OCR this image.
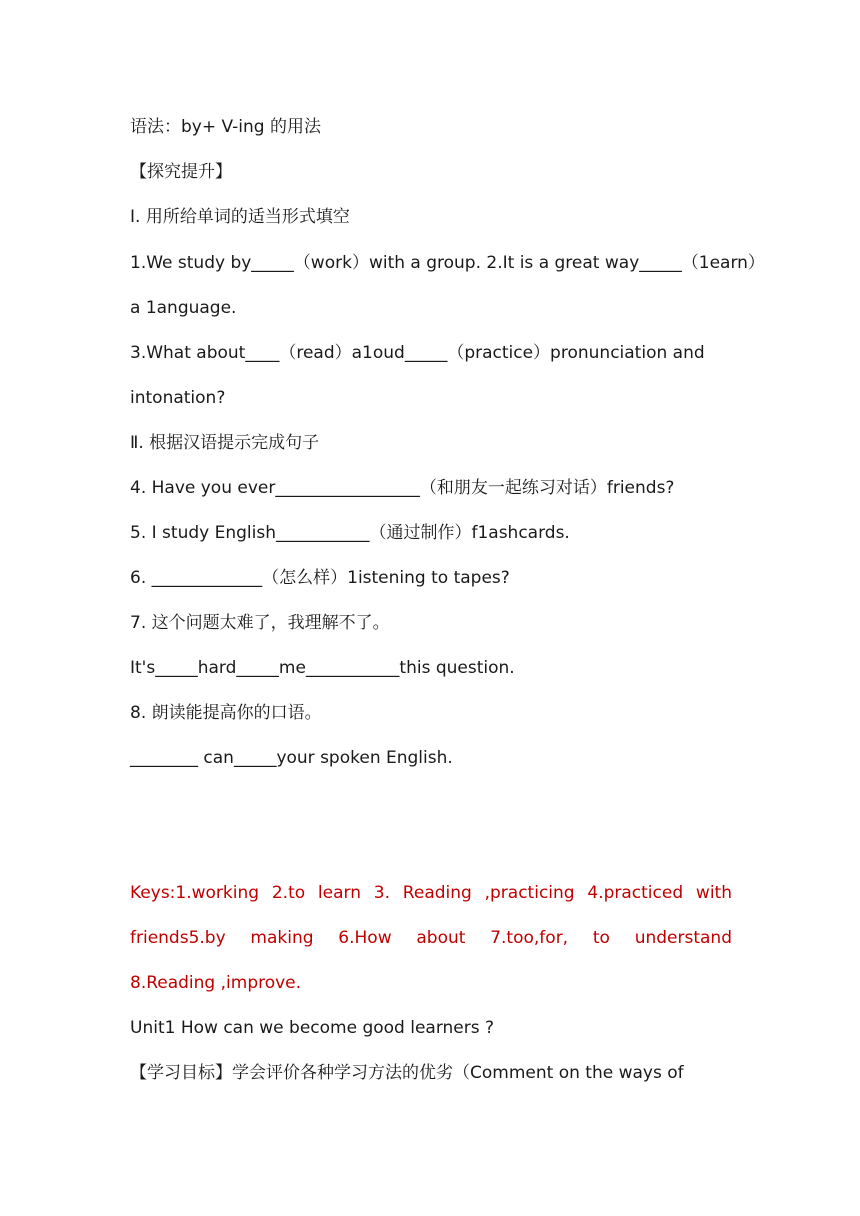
语法：by+ V-ing 的用法
【探究提升】
Ⅰ. 用所给单词的适当形式填空
1.We study by_____（work）with a group. 2.It is a great way_____（1earn）
a 1anguage.
3.What about____（read）a1oud_____（practice）pronunciation and
intonation?
Ⅱ. 根据汉语提示完成句子
4. Have you ever_________________（和朋友一起练习对话）friends?
5. I study English___________（通过制作）f1ashcards.
6. _____________（怎么样）1istening to tapes?
7. 这个问题太难了，我理解不了。
It's_____hard_____me___________this question.
8. 朗读能提高你的口语。
________ can_____your spoken English.
Keys:1.working 2.to learn 3. Reading ,practicing 4.practiced with
friends5.by making 6.How about 7.too,for, to understand
8.Reading ,improve.
Unit1 How can we become good learners ?
【学习目标】学会评价各种学习方法的优劣（Comment on the ways of
